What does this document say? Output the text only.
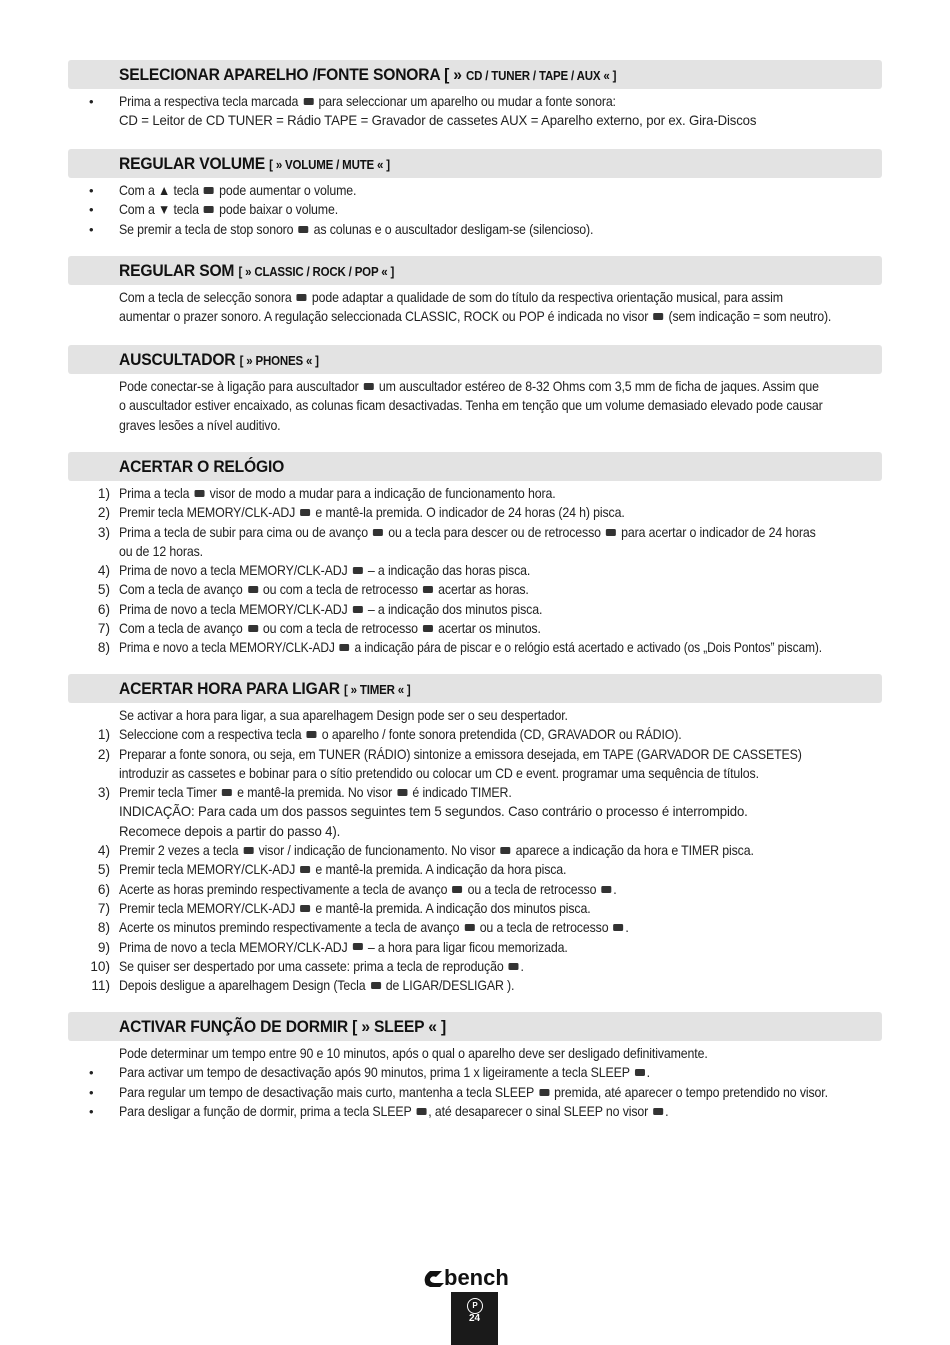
SELECIONAR APARELHO /FONTE SONORA [ » CD / TUNER / TAPE / AUX « ]
• Prima a respectiva tecla marcada  para seleccionar um aparelho ou mudar a fonte sonora:
CD = Leitor de CD TUNER = Rádio TAPE = Gravador de cassetes AUX = Aparelho externo, por ex. Gira-Discos
REGULAR VOLUME [ » VOLUME / MUTE « ]
• Com a ▲ tecla  pode aumentar o volume.
• Com a ▼ tecla  pode baixar o volume.
• Se premir a tecla de stop sonoro  as colunas e o auscultador desligam-se (silencioso).
REGULAR SOM [ » CLASSIC / ROCK / POP « ]
Com a tecla de selecção sonora  pode adaptar a qualidade de som do título da respectiva orientação musical, para assim
aumentar o prazer sonoro. A regulação seleccionada CLASSIC, ROCK ou POP é indicada no visor  (sem indicação = som neutro).
AUSCULTADOR [ » PHONES « ]
Pode conectar-se à ligação para auscultador  um auscultador estéreo de 8-32 Ohms com 3,5 mm de ficha de jaques. Assim que
o auscultador estiver encaixado, as colunas ficam desactivadas. Tenha em tenção que um volume demasiado elevado pode causar
graves lesões a nível auditivo.
ACERTAR O RELÓGIO
1) Prima a tecla  visor de modo a mudar para a indicação de funcionamento hora.
2) Premir tecla MEMORY/CLK-ADJ  e mantê-la premida. O indicador de 24 horas (24 h) pisca.
3) Prima a tecla de subir para cima ou de avanço  ou a tecla para descer ou de retrocesso  para acertar o indicador de 24 horas
ou de 12 horas.
4) Prima de novo a tecla MEMORY/CLK-ADJ  – a indicação das horas pisca.
5) Com a tecla de avanço  ou com a tecla de retrocesso  acertar as horas.
6) Prima de novo a tecla MEMORY/CLK-ADJ  – a indicação dos minutos pisca.
7) Com a tecla de avanço  ou com a tecla de retrocesso  acertar os minutos.
8) Prima e novo a tecla MEMORY/CLK-ADJ  a indicação pára de piscar e o relógio está acertado e activado (os „Dois Pontos” piscam).
ACERTAR HORA PARA LIGAR [ » TIMER « ]
Se activar a hora para ligar, a sua aparelhagem Design pode ser o seu despertador.
1) Seleccione com a respectiva tecla  o aparelho / fonte sonora pretendida (CD, GRAVADOR ou RÁDIO).
2) Preparar a fonte sonora, ou seja, em TUNER (RÁDIO) sintonize a emissora desejada, em TAPE (GARVADOR DE CASSETES)
introduzir as cassetes e bobinar para o sítio pretendido ou colocar um CD e event. programar uma sequência de títulos.
3) Premir tecla Timer  e mantê-la premida. No visor  é indicado TIMER.
INDICAÇÃO: Para cada um dos passos seguintes tem 5 segundos. Caso contrário o processo é interrompido.
Recomece depois a partir do passo 4).
4) Premir 2 vezes a tecla  visor / indicação de funcionamento. No visor  aparece a indicação da hora e TIMER pisca.
5) Premir tecla MEMORY/CLK-ADJ  e mantê-la premida. A indicação da hora pisca.
6) Acerte as horas premindo respectivamente a tecla de avanço  ou a tecla de retrocesso .
7) Premir tecla MEMORY/CLK-ADJ  e mantê-la premida. A indicação dos minutos pisca.
8) Acerte os minutos premindo respectivamente a tecla de avanço  ou a tecla de retrocesso .
9) Prima de novo a tecla MEMORY/CLK-ADJ  – a hora para ligar ficou memorizada.
10) Se quiser ser despertado por uma cassete: prima a tecla de reprodução .
11) Depois desligue a aparelhagem Design (Tecla  de LIGAR/DESLIGAR ).
ACTIVAR FUNÇÃO DE DORMIR [ » SLEEP « ]
Pode determinar um tempo entre 90 e 10 minutos, após o qual o aparelho deve ser desligado definitivamente.
• Para activar um tempo de desactivação após 90 minutos, prima 1 x ligeiramente a tecla SLEEP .
• Para regular um tempo de desactivação mais curto, mantenha a tecla SLEEP  premida, até aparecer o tempo pretendido no visor.
• Para desligar a função de dormir, prima a tecla SLEEP , até desaparecer o sinal SLEEP no visor .
bench
P
24
